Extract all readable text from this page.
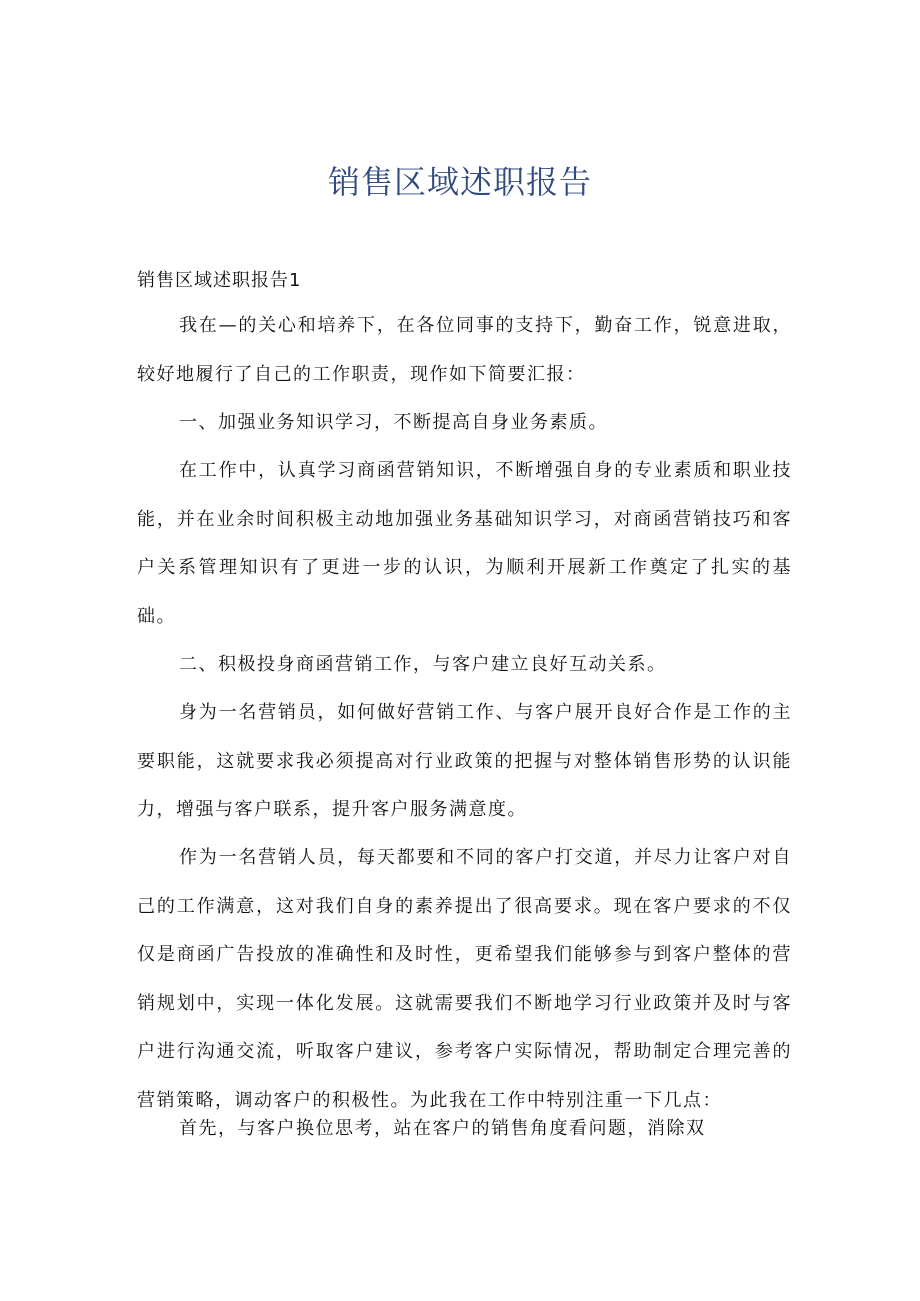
销售区域述职报告
销售区域述职报告1

我在—的关心和培养下，在各位同事的支持下，勤奋工作，锐意进取，较好地履行了自己的工作职责，现作如下简要汇报：

一、加强业务知识学习，不断提高自身业务素质。

在工作中，认真学习商函营销知识，不断增强自身的专业素质和职业技能，并在业余时间积极主动地加强业务基础知识学习，对商函营销技巧和客户关系管理知识有了更进一步的认识，为顺利开展新工作奠定了扎实的基础。

二、积极投身商函营销工作，与客户建立良好互动关系。

身为一名营销员，如何做好营销工作、与客户展开良好合作是工作的主要职能，这就要求我必须提高对行业政策的把握与对整体销售形势的认识能力，增强与客户联系，提升客户服务满意度。

作为一名营销人员，每天都要和不同的客户打交道，并尽力让客户对自己的工作满意，这对我们自身的素养提出了很高要求。现在客户要求的不仅仅是商函广告投放的准确性和及时性，更希望我们能够参与到客户整体的营销规划中，实现一体化发展。这就需要我们不断地学习行业政策并及时与客户进行沟通交流，听取客户建议，参考客户实际情况，帮助制定合理完善的营销策略，调动客户的积极性。为此我在工作中特别注重一下几点：

首先，与客户换位思考，站在客户的销售角度看问题，消除双
